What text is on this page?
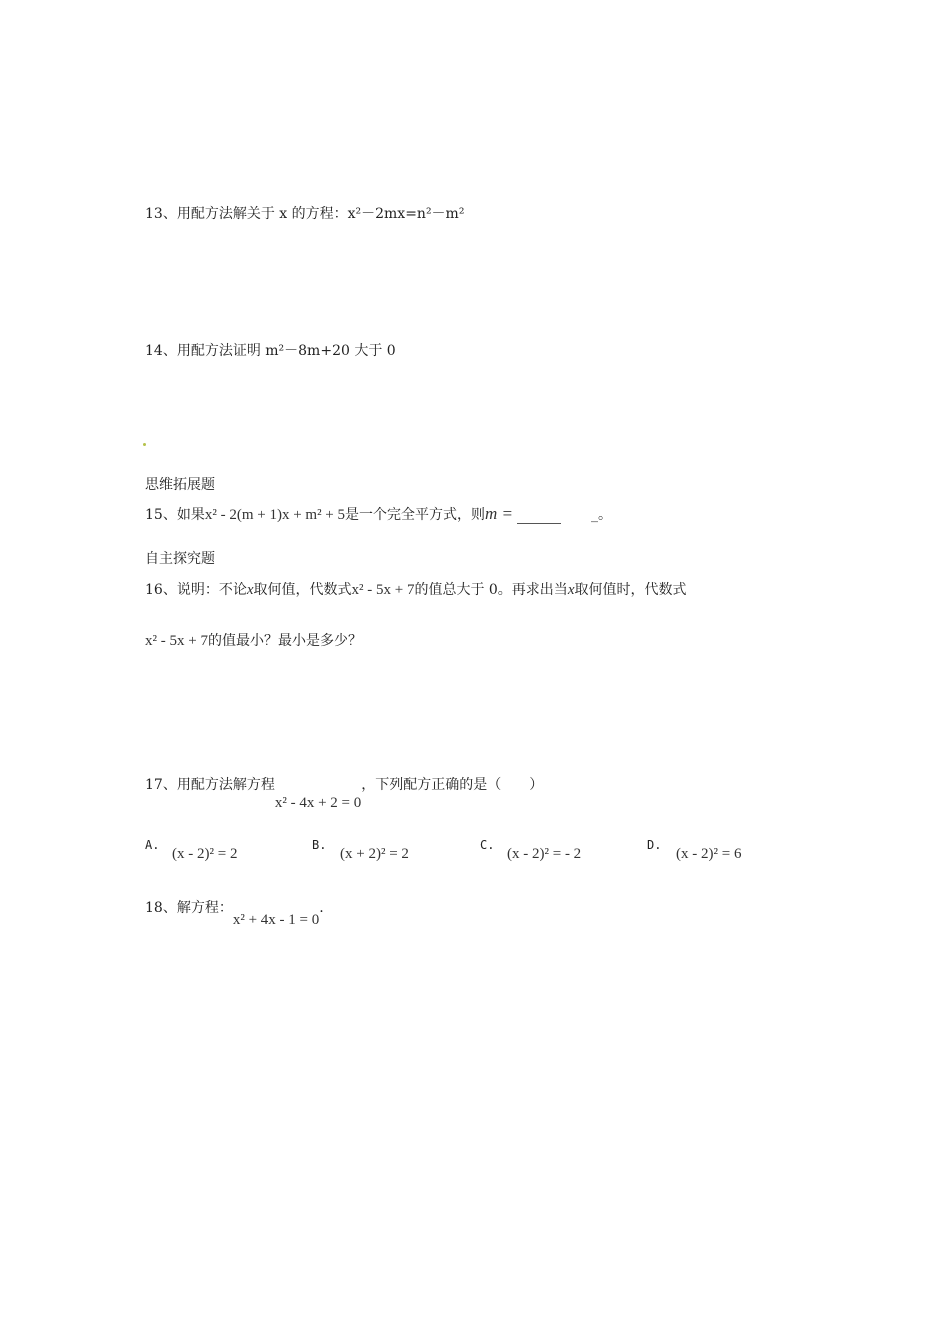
13、用配方法解关于 x 的方程：x²－2mx=n²－m²
14、用配方法证明 m²－8m+20 大于 0
思维拓展题
15、如果x² - 2(m + 1)x + m² + 5是一个完全平方式，则m =	_。
自主探究题
16、说明：不论x取何值，代数式x² - 5x + 7的值总大于 0。再求出当x取何值时，代数式
x² - 5x + 7的值最小？最小是多少？
17、用配方法解方程x² - 4x + 2 = 0，下列配方正确的是（　　）
A.
(x - 2)² = 2
B.
(x + 2)² = 2
C.
(x - 2)² = - 2
D.
(x - 2)² = 6
18、解方程：x² + 4x - 1 = 0.
